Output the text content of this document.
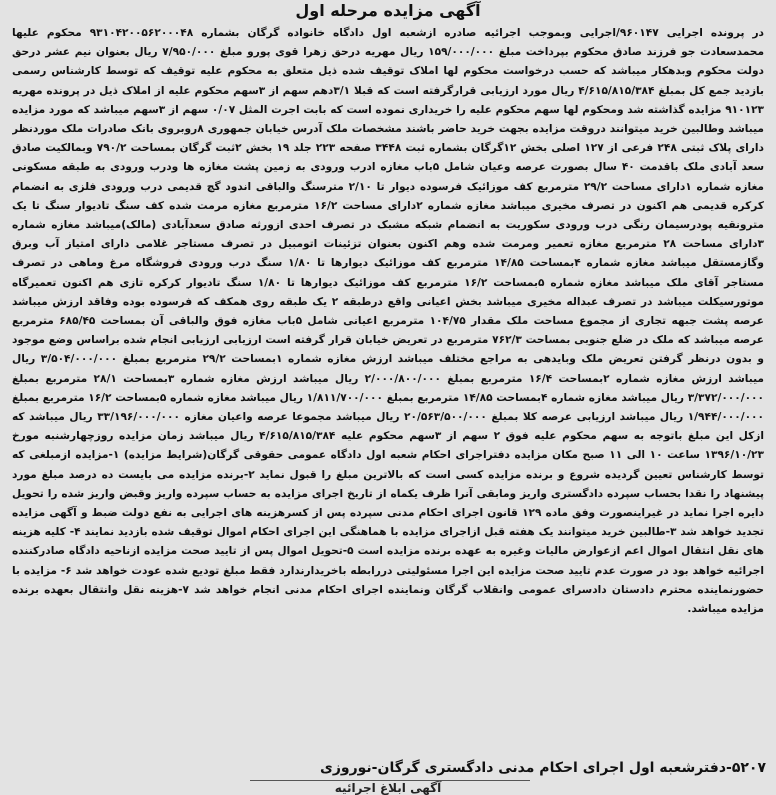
آگهی مزایده مرحله اول
در پرونده اجرایی ۹۶۰۱۴۷/اجرایی وبموجب اجرائیه صادره ازشعبه اول دادگاه خانواده گرگان بشماره ۹۳۱۰۴۲۰۰۵۶۲۰۰۰۴۸ محکوم علیها محمدسعادت جو فرزند صادق محکوم بپرداخت مبلغ ۱۵۹/۰۰۰/۰۰۰ ریال مهریه درحق زهرا قوی پورو مبلغ ۷/۹۵۰/۰۰۰ ریال بعنوان نیم عشر درحق دولت محکوم وبدهکار میباشد که حسب درخواست محکوم لها املاک توقیف شده ذیل متعلق به محکوم علیه توقیف که توسط کارشناس رسمی بازدید جمع کل بمبلغ ۴/۶۱۵/۸۱۵/۳۸۴ ریال مورد ارزیابی قرارگرفته است که قبلا ۳/۱دهم سهم از ۳سهم محکوم علیه از املاک ذیل در پرونده مهریه ۹۱۰۱۲۳ مزایده گذاشته شد ومحکوم لها سهم محکوم علیه را خریداری نموده است که بابت اجرت المثل ۰/۰۷ سهم از ۳سهم میباشد که مورد مزایده میباشد وطالبین خرید میتوانند دروقت مزایده بجهت خرید حاضر باشند مشخصات ملک آدرس خیابان جمهوری ۸روبروی بانک صادرات ملک موردنظر دارای پلاک ثبتی ۲۴۸ فرعی از ۱۲۷ اصلی بخش ۱۲گرگان بشماره ثبت ۳۴۴۸ صفحه ۲۲۳ جلد ۱۹ بخش ۲ثبت گرگان بمساحت ۷۹۰/۲ وبمالکیت صادق سعد آبادی ملک باقدمت ۴۰ سال بصورت عرصه وعیان شامل ۵باب مغازه ادرب ورودی به زمین پشت مغازه ها ودرب ورودی به طبقه مسکونی مغازه شماره ۱دارای مساحت ۲۹/۲ مترمربع کف موزائیک فرسوده دیوار تا ۲/۱۰ مترسنگ والباقی اندود گچ قدیمی درب ورودی فلزی به انضمام کرکره قدیمی هم اکنون در تصرف مخیری میباشد مغازه شماره ۲دارای مساحت ۱۶/۲ مترمربع مغازه مرمت شده کف سنگ تادیوار سنگ تا یک مترونقیه پودرسیمان رنگی درب ورودی سکوریت به انضمام شبکه مشبک در تصرف احدی ازورثه صادق سعدآبادی (مالک)میباشد مغازه شماره ۳دارای مساحت ۲۸ مترمربع مغازه تعمیر ومرمت شده وهم اکنون بعنوان تزئینات اتومبیل در تصرف مستاجر غلامی دارای امتیاز آب وبرق وگازمستقل میباشد مغازه شماره ۴بمساحت ۱۴/۸۵ مترمربع کف موزائیک دیوارها تا ۱/۸۰ سنگ درب ورودی فروشگاه مرغ وماهی در تصرف مستاجر آقای ملک میباشد مغازه شماره ۵بمساحت ۱۶/۲ مترمربع کف موزائیک دیوارها تا ۱/۸۰ سنگ تادیوار کرکره تازی هم اکنون تعمیرگاه موتورسیکلت میباشد در تصرف عبداله مخیری میباشد بخش اعیانی واقع درطبقه ۲ یک طبقه روی همکف که فرسوده بوده وفاقد ارزش میباشد عرصه پشت جبهه تجاری از مجموع مساحت ملک مقدار ۱۰۴/۷۵ مترمربع اعیانی شامل ۵باب مغازه فوق والباقی آن بمساحت ۶۸۵/۴۵ مترمربع عرصه میباشد که ملک در ضلع جنوبی بمساحت ۷۶۲/۳ مترمربع در تعریض خیابان قرار گرفته است ارزیابی ارزیابی انجام شده براساس وضع موجود و بدون درنظر گرفتن تعریض ملک وبایدهی به مراجع مختلف میباشد ارزش مغازه شماره ۱بمساحت ۲۹/۲ مترمربع بمبلغ ۳/۵۰۴/۰۰۰/۰۰۰ ریال میباشد ارزش مغازه شماره ۲بمساحت ۱۶/۴ مترمربع بمبلغ ۲/۰۰۰/۸۰۰/۰۰۰ ریال میباشد ارزش مغازه شماره ۳بمساحت ۲۸/۱ مترمربع بمبلغ ۳/۳۷۲/۰۰۰/۰۰۰ ریال میباشد مغازه شماره ۴بمساحت ۱۴/۸۵ مترمربع بمبلغ ۱/۸۱۱/۷۰۰/۰۰۰ ریال میباشد مغازه شماره ۵بمساحت ۱۶/۲ مترمربع بمبلغ ۱/۹۴۴/۰۰۰/۰۰۰ ریال میباشد ارزیابی عرصه کلا بمبلغ ۲۰/۵۶۳/۵۰۰/۰۰۰ ریال میباشد مجموعا عرصه واعیان مغازه ۳۳/۱۹۶/۰۰۰/۰۰۰ ریال میباشد که ازکل این مبلغ باتوجه به سهم محکوم علیه فوق ۲ سهم از ۳سهم محکوم علیه ۴/۶۱۵/۸۱۵/۳۸۴ ریال میباشد زمان مزایده روزچهارشنبه مورخ ۱۳۹۶/۱۰/۲۳ ساعت ۱۰ الی ۱۱ صبح مکان مزایده دفتراجرای احکام شعبه اول دادگاه عمومی حقوقی گرگان(شرایط مزایده) ۱-مزایده ازمبلغی که توسط کارشناس تعیین گردیده شروع و برنده مزایده کسی است که بالاترین مبلغ را قبول نماید ۲-برنده مزایده می بایست ده درصد مبلغ مورد پیشنهاد را نقدا بحساب سپرده دادگستری واریز ومابقی آنرا ظرف یکماه از تاریخ اجرای مزایده به حساب سپرده واریز وقبض واریز شده را تحویل دایره اجرا نماید در غیراینصورت وفق ماده ۱۲۹ قانون اجرای احکام مدنی سپرده پس از کسرهزینه های اجرایی به نفع دولت ضبط و آگهی مزایده تجدید خواهد شد ۳-طالبین خرید میتوانند یک هفته قبل ازاجرای مزایده با هماهنگی این اجرای احکام اموال توقیف شده بازدید نمایند ۴- کلیه هزینه های نقل انتقال اموال اعم ازعوارض مالیات وغیره به عهده برنده مزایده است ۵-تحویل اموال پس از تایید صحت مزایده ازناحیه دادگاه صادرکننده اجرائیه خواهد بود در صورت عدم تایید صحت مزایده این اجرا مسئولیتی دررابطه باخریدارندارد فقط مبلغ تودیع شده عودت خواهد شد ۶- مزایده با حضورنماینده محترم دادستان دادسرای عمومی وانقلاب گرگان ونماینده اجرای احکام مدنی انجام خواهد شد ۷-هزینه نقل وانتقال بعهده برنده مزایده میباشد.
۵۲۰۷-دفترشعبه اول اجرای احکام مدنی دادگستری گرگان-نوروزی
آگهی ابلاغ اجرائیه
